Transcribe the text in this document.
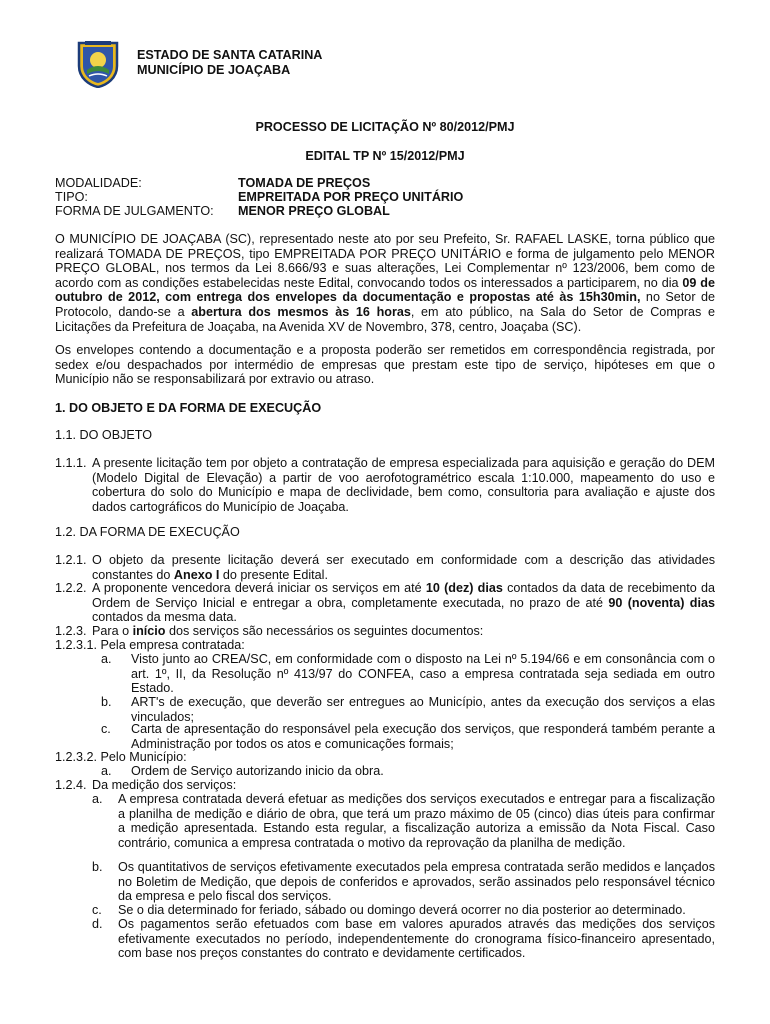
ESTADO DE SANTA CATARINA
MUNICÍPIO DE JOAÇABA
PROCESSO DE LICITAÇÃO Nº 80/2012/PMJ
EDITAL TP Nº 15/2012/PMJ
MODALIDADE:	TOMADA DE PREÇOS
TIPO:	EMPREITADA POR PREÇO UNITÁRIO
FORMA DE JULGAMENTO: MENOR PREÇO GLOBAL
O MUNICÍPIO DE JOAÇABA (SC), representado neste ato por seu Prefeito, Sr. RAFAEL LASKE, torna público que realizará TOMADA DE PREÇOS, tipo EMPREITADA POR PREÇO UNITÁRIO e forma de julgamento pelo MENOR PREÇO GLOBAL, nos termos da Lei 8.666/93 e suas alterações, Lei Complementar nº 123/2006, bem como de acordo com as condições estabelecidas neste Edital, convocando todos os interessados a participarem, no dia 09 de outubro de 2012, com entrega dos envelopes da documentação e propostas até às 15h30min, no Setor de Protocolo, dando-se a abertura dos mesmos às 16 horas, em ato público, na Sala do Setor de Compras e Licitações da Prefeitura de Joaçaba, na Avenida XV de Novembro, 378, centro, Joaçaba (SC).
Os envelopes contendo a documentação e a proposta poderão ser remetidos em correspondência registrada, por sedex e/ou despachados por intermédio de empresas que prestam este tipo de serviço, hipóteses em que o Município não se responsabilizará por extravio ou atraso.
1. DO OBJETO E DA FORMA DE EXECUÇÃO
1.1. DO OBJETO
1.1.1. A presente licitação tem por objeto a contratação de empresa especializada para aquisição e geração do DEM (Modelo Digital de Elevação) a partir de voo aerofotogramétrico escala 1:10.000, mapeamento do uso e cobertura do solo do Município e mapa de declividade, bem como, consultoria para avaliação e ajuste dos dados cartográficos do Município de Joaçaba.
1.2. DA FORMA DE EXECUÇÃO
1.2.1. O objeto da presente licitação deverá ser executado em conformidade com a descrição das atividades constantes do Anexo I do presente Edital.
1.2.2. A proponente vencedora deverá iniciar os serviços em até 10 (dez) dias contados da data de recebimento da Ordem de Serviço Inicial e entregar a obra, completamente executada, no prazo de até 90 (noventa) dias contados da mesma data.
1.2.3. Para o início dos serviços são necessários os seguintes documentos:
1.2.3.1. Pela empresa contratada:
a. Visto junto ao CREA/SC, em conformidade com o disposto na Lei nº 5.194/66 e em consonância com o art. 1º, II, da Resolução nº 413/97 do CONFEA, caso a empresa contratada seja sediada em outro Estado.
b. ART's de execução, que deverão ser entregues ao Município, antes da execução dos serviços a elas vinculados;
c. Carta de apresentação do responsável pela execução dos serviços, que responderá também perante a Administração por todos os atos e comunicações formais;
1.2.3.2. Pelo Município:
a. Ordem de Serviço autorizando inicio da obra.
1.2.4. Da medição dos serviços:
a. A empresa contratada deverá efetuar as medições dos serviços executados e entregar para a fiscalização a planilha de medição e diário de obra, que terá um prazo máximo de 05 (cinco) dias úteis para confirmar a medição apresentada. Estando esta regular, a fiscalização autoriza a emissão da Nota Fiscal. Caso contrário, comunica a empresa contratada o motivo da reprovação da planilha de medição.
b. Os quantitativos de serviços efetivamente executados pela empresa contratada serão medidos e lançados no Boletim de Medição, que depois de conferidos e aprovados, serão assinados pelo responsável técnico da empresa e pelo fiscal dos serviços.
c. Se o dia determinado for feriado, sábado ou domingo deverá ocorrer no dia posterior ao determinado.
d. Os pagamentos serão efetuados com base em valores apurados através das medições dos serviços efetivamente executados no período, independentemente do cronograma físico-financeiro apresentado, com base nos preços constantes do contrato e devidamente certificados.
